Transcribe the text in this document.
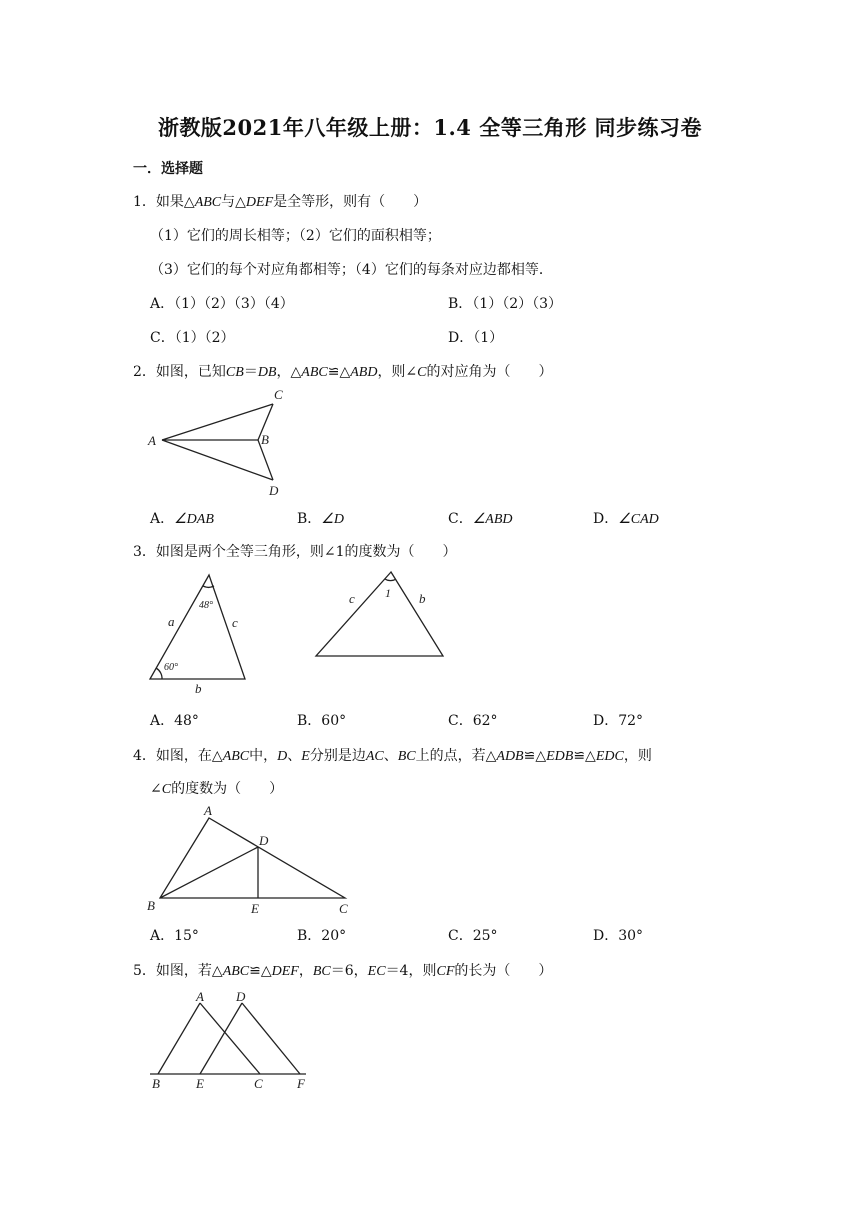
浙教版2021年八年级上册：1.4 全等三角形 同步练习卷
一．选择题
1．如果△ABC与△DEF是全等形，则有（　　）
（1）它们的周长相等；（2）它们的面积相等；
（3）它们的每个对应角都相等；（4）它们的每条对应边都相等．
A．（1）（2）（3）（4）	B．（1）（2）（3）
C．（1）（2）	D．（1）
2．如图，已知CB＝DB，△ABC≌△ABD，则∠C的对应角为（　　）
A	B
C
D
A．∠DAB	B．∠D	C．∠ABD	D．∠CAD
3．如图是两个全等三角形，则∠1的度数为（　　）
a	c
b
48°
60°
c	b
1
A．48°	B．60°	C．62°	D．72°
4．如图，在△ABC中，D、E分别是边AC、BC上的点，若△ADB≌△EDB≌△EDC，则
∠C的度数为（　　）
A
D
B	E	C
A．15°	B．20°	C．25°	D．30°
5．如图，若△ABC≌△DEF，BC＝6，EC＝4，则CF的长为（　　）
A D
B	E	C	F
